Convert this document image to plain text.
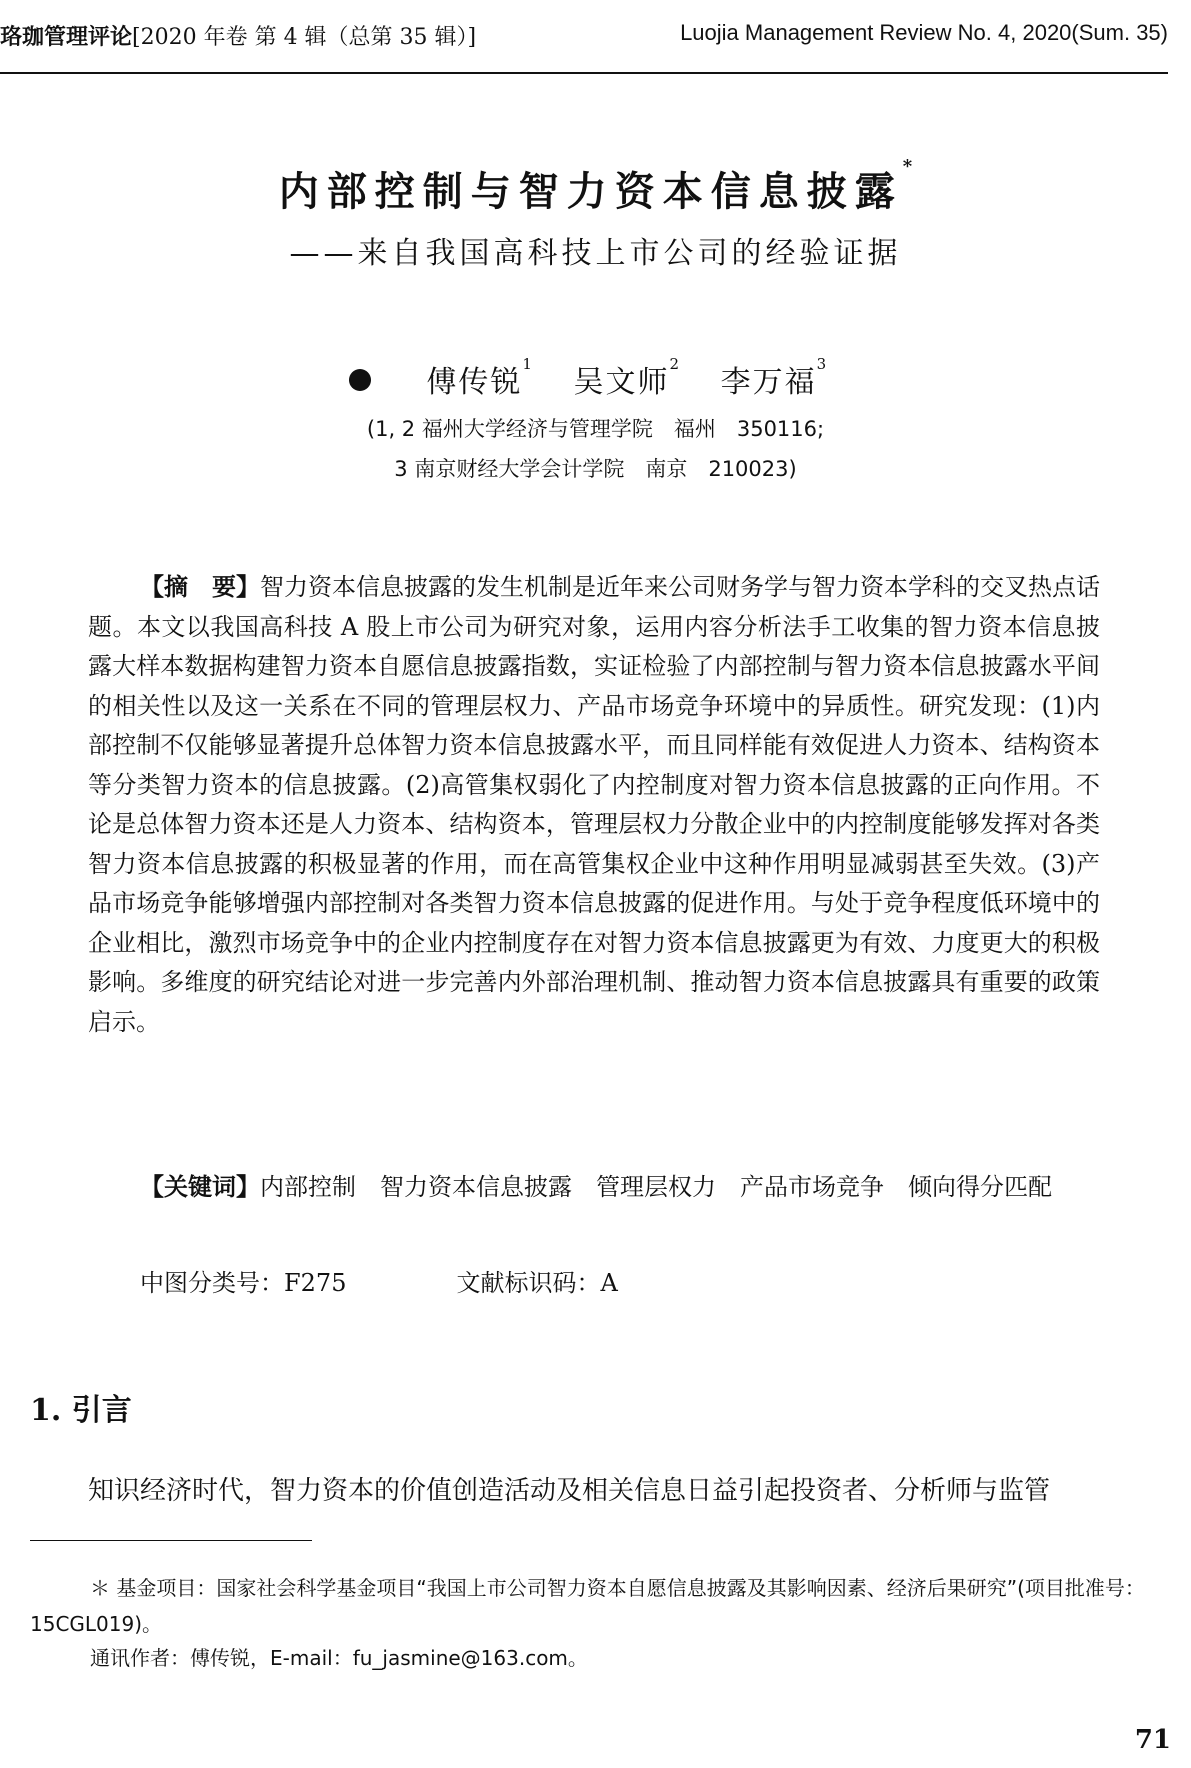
珞珈管理评论[2020 年卷 第 4 辑（总第 35 辑）]	Luojia Management Review No. 4, 2020(Sum. 35)
内部控制与智力资本信息披露*
——来自我国高科技上市公司的经验证据
傅传锐$^1$ 吴文师$^2$ 李万福$^3$
(1, 2 福州大学经济与管理学院　福州　350116;
3 南京财经大学会计学院　南京　210023)
【摘　要】智力资本信息披露的发生机制是近年来公司财务学与智力资本学科的交叉热点话题。本文以我国高科技 A 股上市公司为研究对象，运用内容分析法手工收集的智力资本信息披露大样本数据构建智力资本自愿信息披露指数，实证检验了内部控制与智力资本信息披露水平间的相关性以及这一关系在不同的管理层权力、产品市场竞争环境中的异质性。研究发现：(1)内部控制不仅能够显著提升总体智力资本信息披露水平，而且同样能有效促进人力资本、结构资本等分类智力资本的信息披露。(2)高管集权弱化了内控制度对智力资本信息披露的正向作用。不论是总体智力资本还是人力资本、结构资本，管理层权力分散企业中的内控制度能够发挥对各类智力资本信息披露的积极显著的作用，而在高管集权企业中这种作用明显减弱甚至失效。(3)产品市场竞争能够增强内部控制对各类智力资本信息披露的促进作用。与处于竞争程度低环境中的企业相比，激烈市场竞争中的企业内控制度存在对智力资本信息披露更为有效、力度更大的积极影响。多维度的研究结论对进一步完善内外部治理机制、推动智力资本信息披露具有重要的政策启示。
【关键词】内部控制 智力资本信息披露 管理层权力 产品市场竞争 倾向得分匹配
中图分类号：F275	文献标识码：A
1. 引言
知识经济时代，智力资本的价值创造活动及相关信息日益引起投资者、分析师与监管
＊ 基金项目：国家社会科学基金项目“我国上市公司智力资本自愿信息披露及其影响因素、经济后果研究”(项目批准号：15CGL019)。
通讯作者：傅传锐，E-mail：fu_jasmine@163.com。
71
